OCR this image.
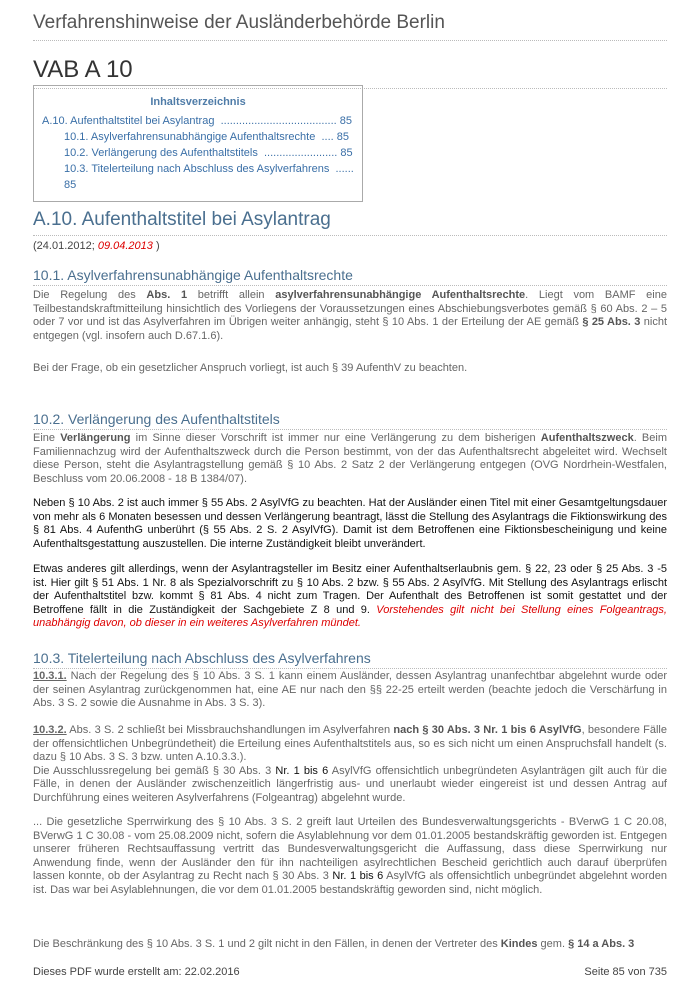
Verfahrenshinweise der Ausländerbehörde Berlin
VAB A 10
Inhaltsverzeichnis
A.10. Aufenthaltstitel bei Asylantrag ...................................... 85
10.1. Asylverfahrensunabhängige Aufenthaltsrechte .... 85
10.2. Verlängerung des Aufenthaltstitels ........................ 85
10.3. Titelerteilung nach Abschluss des Asylverfahrens ......
85
A.10. Aufenthaltstitel bei Asylantrag
(24.01.2012; 09.04.2013 )
10.1. Asylverfahrensunabhängige Aufenthaltsrechte
Die Regelung des Abs. 1 betrifft allein asylverfahrensunabhängige Aufenthaltsrechte. Liegt vom BAMF eine Teilbestandskraftmitteilung hinsichtlich des Vorliegens der Voraussetzungen eines Abschiebungsverbotes gemäß § 60 Abs. 2 – 5 oder 7 vor und ist das Asylverfahren im Übrigen weiter anhängig, steht § 10 Abs. 1 der Erteilung der AE gemäß § 25 Abs. 3 nicht entgegen (vgl. insofern auch D.67.1.6).
Bei der Frage, ob ein gesetzlicher Anspruch vorliegt, ist auch § 39 AufenthV zu beachten.
10.2. Verlängerung des Aufenthaltstitels
Eine Verlängerung im Sinne dieser Vorschrift ist immer nur eine Verlängerung zu dem bisherigen Aufenthaltszweck. Beim Familiennachzug wird der Aufenthaltszweck durch die Person bestimmt, von der das Aufenthaltsrecht abgeleitet wird. Wechselt diese Person, steht die Asylantragstellung gemäß § 10 Abs. 2 Satz 2 der Verlängerung entgegen (OVG Nordrhein-Westfalen, Beschluss vom 20.06.2008 - 18 B 1384/07).
Neben § 10 Abs. 2 ist auch immer § 55 Abs. 2 AsylVfG zu beachten. Hat der Ausländer einen Titel mit einer Gesamtgeltungsdauer von mehr als 6 Monaten besessen und dessen Verlängerung beantragt, lässt die Stellung des Asylantrags die Fiktionswirkung des § 81 Abs. 4 AufenthG unberührt (§ 55 Abs. 2 S. 2 AsylVfG). Damit ist dem Betroffenen eine Fiktionsbescheinigung und keine Aufenthaltsgestattung auszustellen. Die interne Zuständigkeit bleibt unverändert.
Etwas anderes gilt allerdings, wenn der Asylantragsteller im Besitz einer Aufenthaltserlaubnis gem. § 22, 23 oder § 25 Abs. 3 -5 ist. Hier gilt § 51 Abs. 1 Nr. 8 als Spezialvorschrift zu § 10 Abs. 2 bzw. § 55 Abs. 2 AsylVfG. Mit Stellung des Asylantrags erlischt der Aufenthaltstitel bzw. kommt § 81 Abs. 4 nicht zum Tragen. Der Aufenthalt des Betroffenen ist somit gestattet und der Betroffene fällt in die Zuständigkeit der Sachgebiete Z 8 und 9. Vorstehendes gilt nicht bei Stellung eines Folgeantrags, unabhängig davon, ob dieser in ein weiteres Asylverfahren mündet.
10.3. Titelerteilung nach Abschluss des Asylverfahrens
10.3.1. Nach der Regelung des § 10 Abs. 3 S. 1 kann einem Ausländer, dessen Asylantrag unanfechtbar abgelehnt wurde oder der seinen Asylantrag zurückgenommen hat, eine AE nur nach den §§ 22-25 erteilt werden (beachte jedoch die Verschärfung in Abs. 3 S. 2 sowie die Ausnahme in Abs. 3 S. 3).
10.3.2. Abs. 3 S. 2 schließt bei Missbrauchshandlungen im Asylverfahren nach § 30 Abs. 3 Nr. 1 bis 6 AsylVfG, besondere Fälle der offensichtlichen Unbegründetheit) die Erteilung eines Aufenthaltstitels aus, so es sich nicht um einen Anspruchsfall handelt (s. dazu § 10 Abs. 3 S. 3 bzw. unten A.10.3.3.).
Die Ausschlussregelung bei gemäß § 30 Abs. 3 Nr. 1 bis 6 AsylVfG offensichtlich unbegründeten Asylanträgen gilt auch für die Fälle, in denen der Ausländer zwischenzeitlich längerfristig aus- und unerlaubt wieder eingereist ist und dessen Antrag auf Durchführung eines weiteren Asylverfahrens (Folgeantrag) abgelehnt wurde.
... Die gesetzliche Sperrwirkung des § 10 Abs. 3 S. 2 greift laut Urteilen des Bundesverwaltungsgerichts - BVerwG 1 C 20.08, BVerwG 1 C 30.08 - vom 25.08.2009 nicht, sofern die Asylablehnung vor dem 01.01.2005 bestandskräftig geworden ist. Entgegen unserer früheren Rechtsauffassung vertritt das Bundesverwaltungsgericht die Auffassung, dass diese Sperrwirkung nur Anwendung finde, wenn der Ausländer den für ihn nachteiligen asylrechtlichen Bescheid gerichtlich auch darauf überprüfen lassen konnte, ob der Asylantrag zu Recht nach § 30 Abs. 3 Nr. 1 bis 6 AsylVfG als offensichtlich unbegründet abgelehnt worden ist. Das war bei Asylablehnungen, die vor dem 01.01.2005 bestandskräftig geworden sind, nicht möglich.
Die Beschränkung des § 10 Abs. 3 S. 1 und 2 gilt nicht in den Fällen, in denen der Vertreter des Kindes gem. § 14 a Abs. 3
Dieses PDF wurde erstellt am: 22.02.2016	Seite 85 von 735
